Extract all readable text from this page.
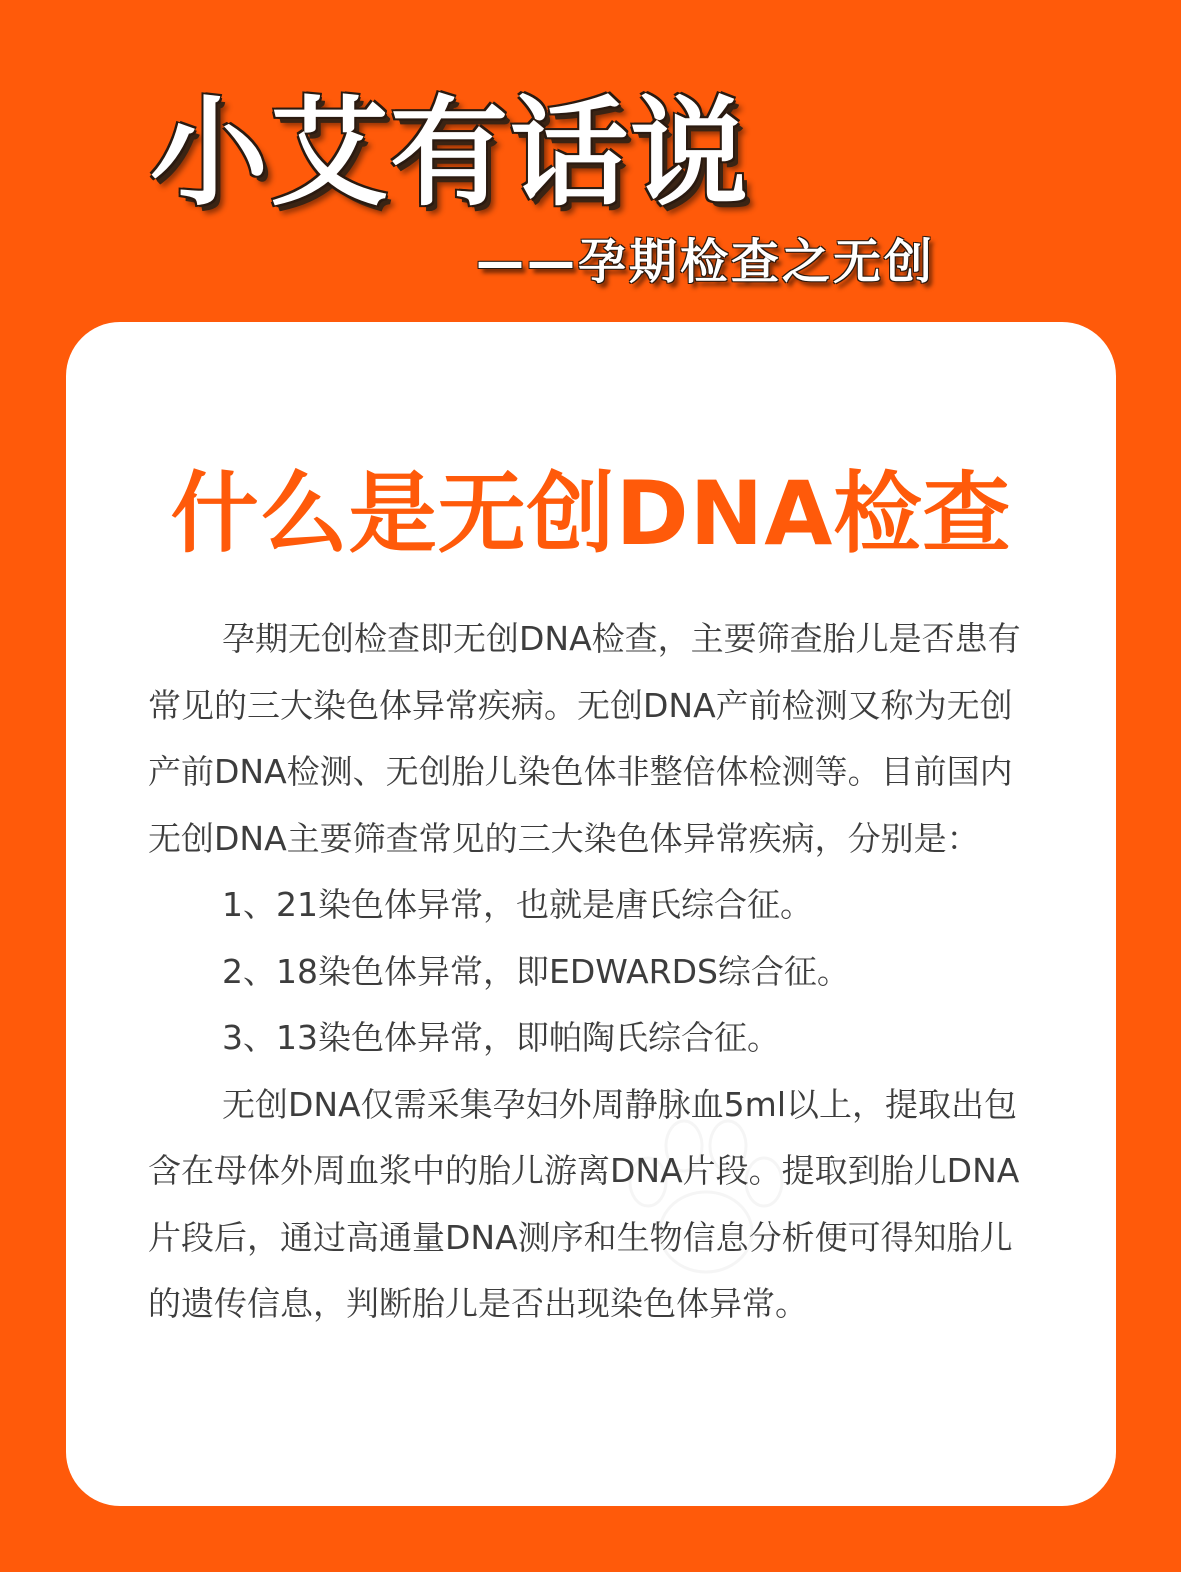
小艾有话说
——孕期检查之无创
什么是无创DNA检查

孕期无创检查即无创DNA检查，主要筛查胎儿是否患有常见的三大染色体异常疾病。无创DNA产前检测又称为无创产前DNA检测、无创胎儿染色体非整倍体检测等。目前国内无创DNA主要筛查常见的三大染色体异常疾病，分别是：

1、21染色体异常，也就是唐氏综合征。

2、18染色体异常，即EDWARDS综合征。

3、13染色体异常，即帕陶氏综合征。

无创DNA仅需采集孕妇外周静脉血5ml以上，提取出包含在母体外周血浆中的胎儿游离DNA片段。提取到胎儿DNA片段后，通过高通量DNA测序和生物信息分析便可得知胎儿的遗传信息，判断胎儿是否出现染色体异常。
